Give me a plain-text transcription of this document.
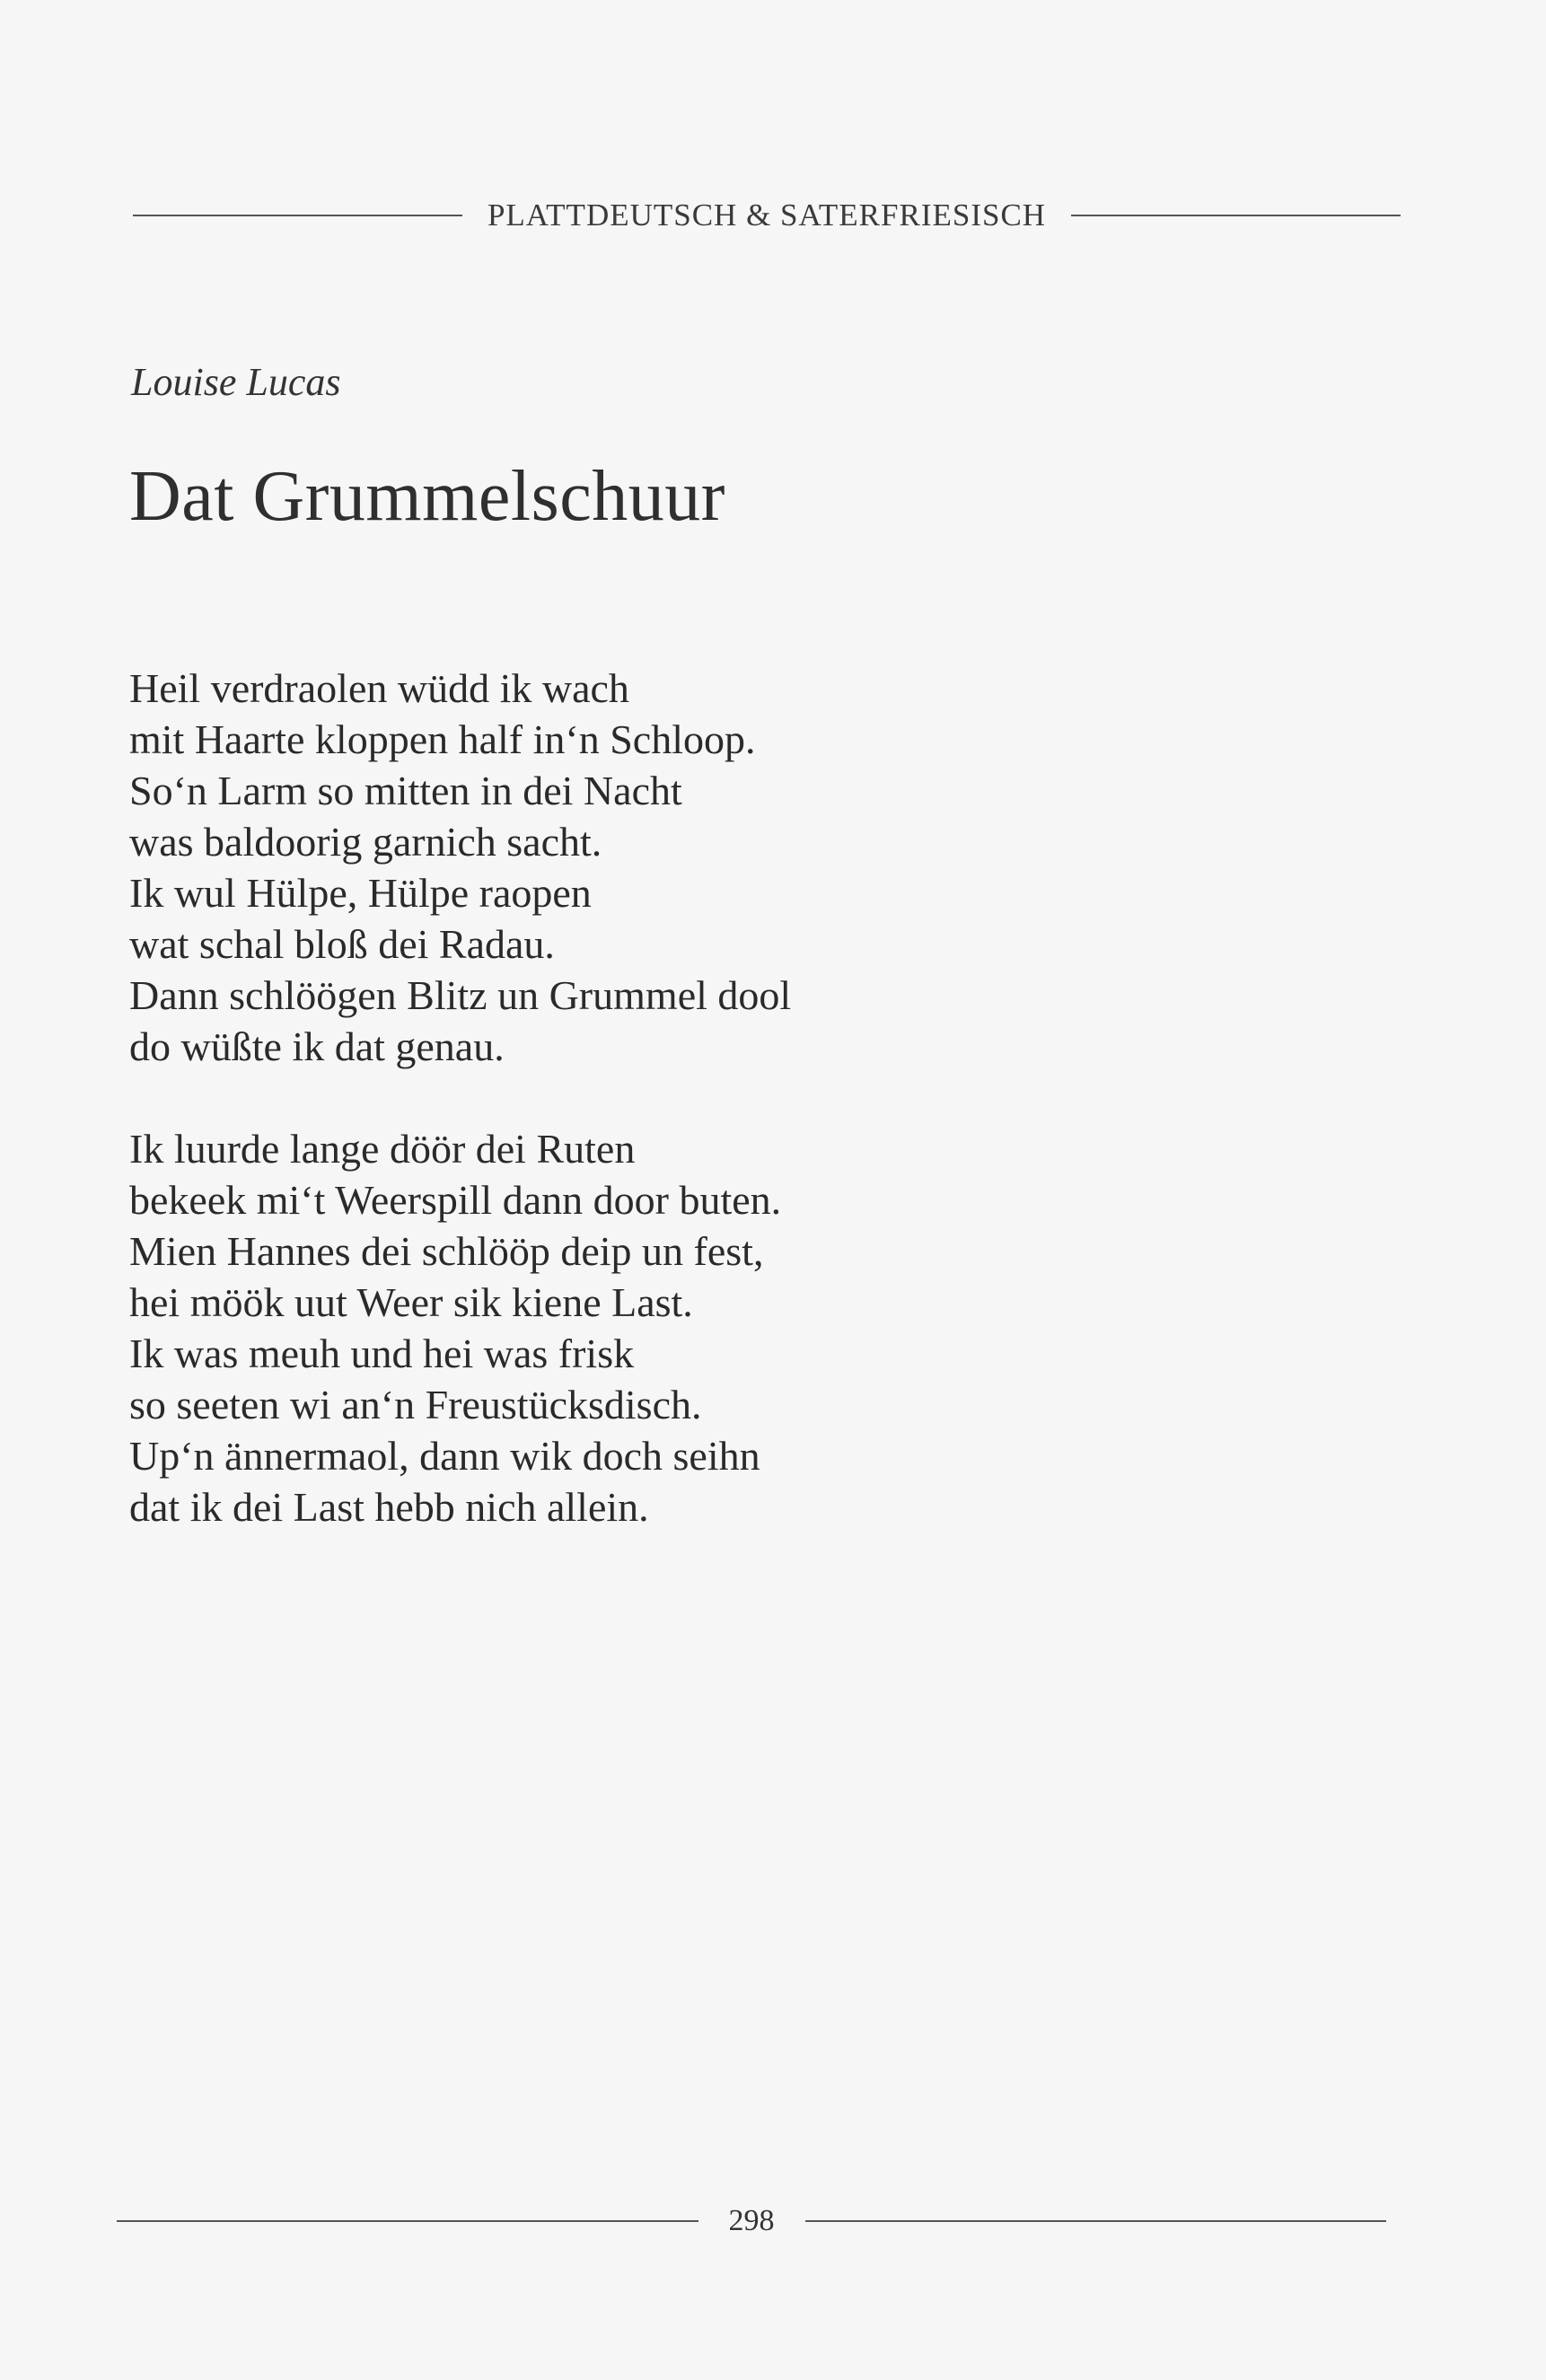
PLATTDEUTSCH & SATERFRIESISCH

Louise Lucas

Dat Grummelschuur
Heil verdraolen wüdd ik wach
mit Haarte kloppen half in‘n Schloop.
So‘n Larm so mitten in dei Nacht
was baldoorig garnich sacht.
Ik wul Hülpe, Hülpe raopen
wat schal bloß dei Radau.
Dann schlöögen Blitz un Grummel dool
do wüßte ik dat genau.
Ik luurde lange döör dei Ruten
bekeek mi‘t Weerspill dann door buten.
Mien Hannes dei schlööp deip un fest,
hei möök uut Weer sik kiene Last.
Ik was meuh und hei was frisk
so seeten wi an‘n Freustücksdisch.
Up‘n ännermaol, dann wik doch seihn
dat ik dei Last hebb nich allein.
298
